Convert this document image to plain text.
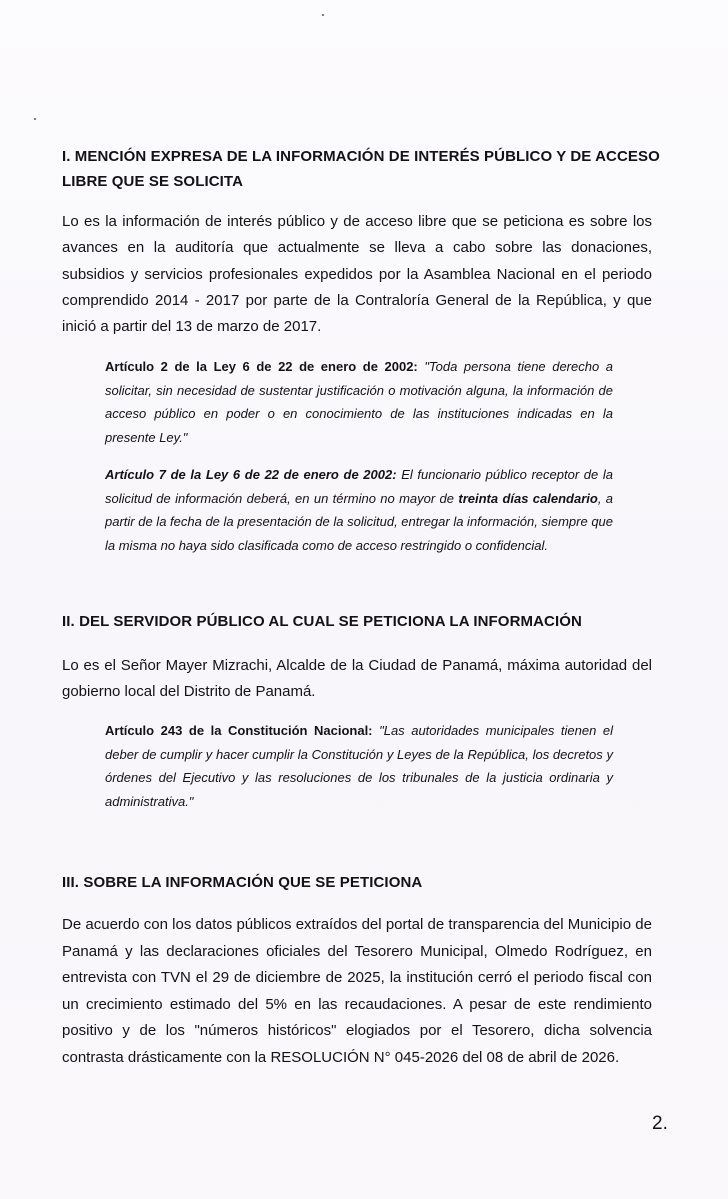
I. MENCIÓN EXPRESA DE LA INFORMACIÓN DE INTERÉS PÚBLICO Y DE ACCESO LIBRE QUE SE SOLICITA
Lo es la información de interés público y de acceso libre que se peticiona es sobre los avances en la auditoría que actualmente se lleva a cabo sobre las donaciones, subsidios y servicios profesionales expedidos por la Asamblea Nacional en el periodo comprendido 2014 - 2017 por parte de la Contraloría General de la República, y que inició a partir del 13 de marzo de 2017.
Artículo 2 de la Ley 6 de 22 de enero de 2002: "Toda persona tiene derecho a solicitar, sin necesidad de sustentar justificación o motivación alguna, la información de acceso público en poder o en conocimiento de las instituciones indicadas en la presente Ley."
Artículo 7 de la Ley 6 de 22 de enero de 2002: El funcionario público receptor de la solicitud de información deberá, en un término no mayor de treinta días calendario, a partir de la fecha de la presentación de la solicitud, entregar la información, siempre que la misma no haya sido clasificada como de acceso restringido o confidencial.
II. DEL SERVIDOR PÚBLICO AL CUAL SE PETICIONA LA INFORMACIÓN
Lo es el Señor Mayer Mizrachi, Alcalde de la Ciudad de Panamá, máxima autoridad del gobierno local del Distrito de Panamá.
Artículo 243 de la Constitución Nacional: "Las autoridades municipales tienen el deber de cumplir y hacer cumplir la Constitución y Leyes de la República, los decretos y órdenes del Ejecutivo y las resoluciones de los tribunales de la justicia ordinaria y administrativa."
III. SOBRE LA INFORMACIÓN QUE SE PETICIONA
De acuerdo con los datos públicos extraídos del portal de transparencia del Municipio de Panamá y las declaraciones oficiales del Tesorero Municipal, Olmedo Rodríguez, en entrevista con TVN el 29 de diciembre de 2025, la institución cerró el periodo fiscal con un crecimiento estimado del 5% en las recaudaciones. A pesar de este rendimiento positivo y de los "números históricos" elogiados por el Tesorero, dicha solvencia contrasta drásticamente con la RESOLUCIÓN N° 045-2026 del 08 de abril de 2026.
2.
